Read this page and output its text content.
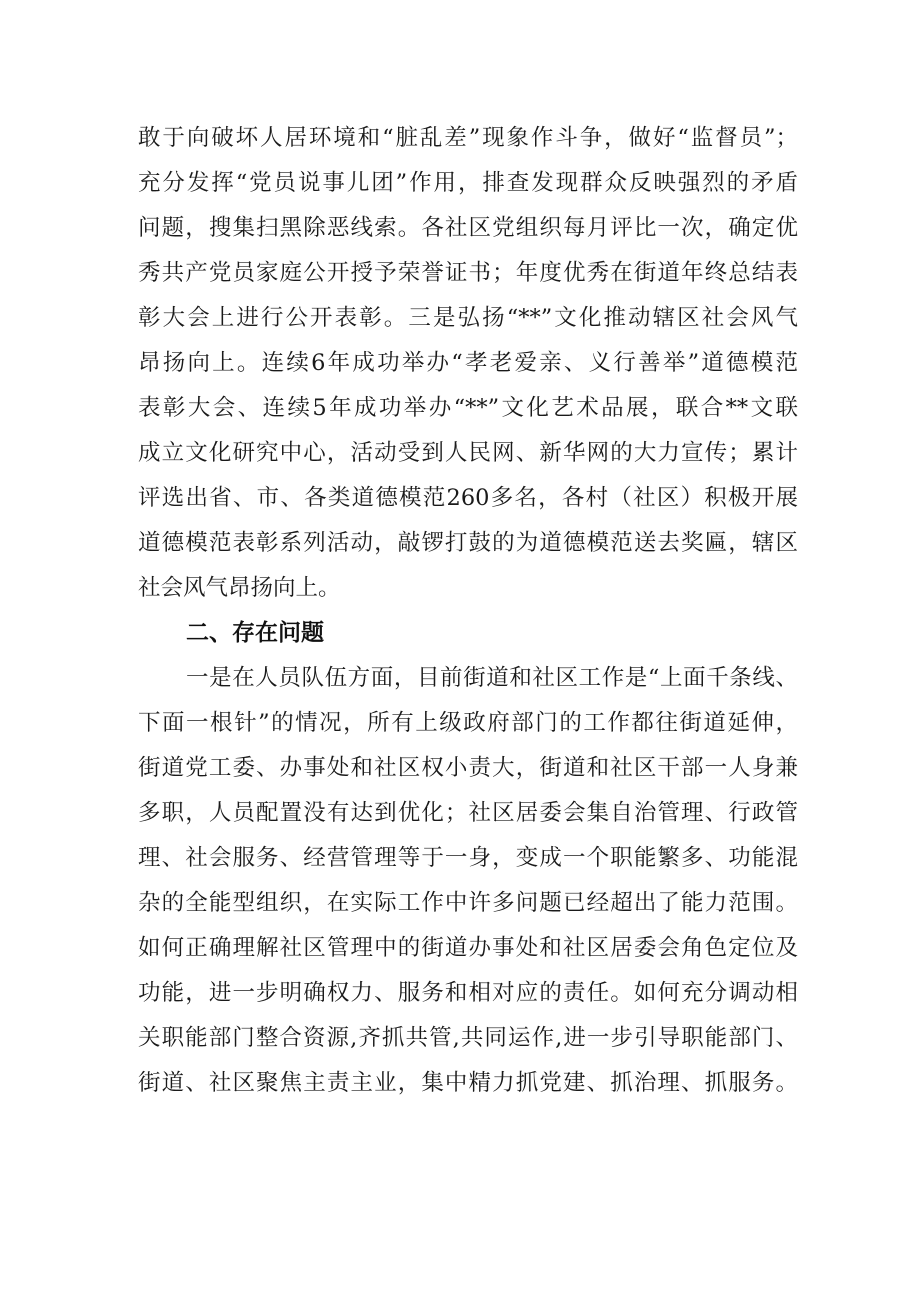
敢于向破坏人居环境和“脏乱差”现象作斗争，做好“监督员”；
充分发挥“党员说事儿团”作用，排查发现群众反映强烈的矛盾
问题，搜集扫黑除恶线索。各社区党组织每月评比一次，确定优
秀共产党员家庭公开授予荣誉证书；年度优秀在街道年终总结表
彰大会上进行公开表彰。三是弘扬“**”文化推动辖区社会风气
昂扬向上。连续6年成功举办“孝老爱亲、义行善举”道德模范
表彰大会、连续5年成功举办“**”文化艺术品展，联合**文联
成立文化研究中心，活动受到人民网、新华网的大力宣传；累计
评选出省、市、各类道德模范260多名，各村（社区）积极开展
道德模范表彰系列活动，敲锣打鼓的为道德模范送去奖匾，辖区
社会风气昂扬向上。
二、存在问题
一是在人员队伍方面，目前街道和社区工作是“上面千条线、
下面一根针”的情况，所有上级政府部门的工作都往街道延伸，
街道党工委、办事处和社区权小责大，街道和社区干部一人身兼
多职，人员配置没有达到优化；社区居委会集自治管理、行政管
理、社会服务、经营管理等于一身，变成一个职能繁多、功能混
杂的全能型组织，在实际工作中许多问题已经超出了能力范围。
如何正确理解社区管理中的街道办事处和社区居委会角色定位及
功能，进一步明确权力、服务和相对应的责任。如何充分调动相
关职能部门整合资源,齐抓共管,共同运作,进一步引导职能部门、
街道、社区聚焦主责主业，集中精力抓党建、抓治理、抓服务。
